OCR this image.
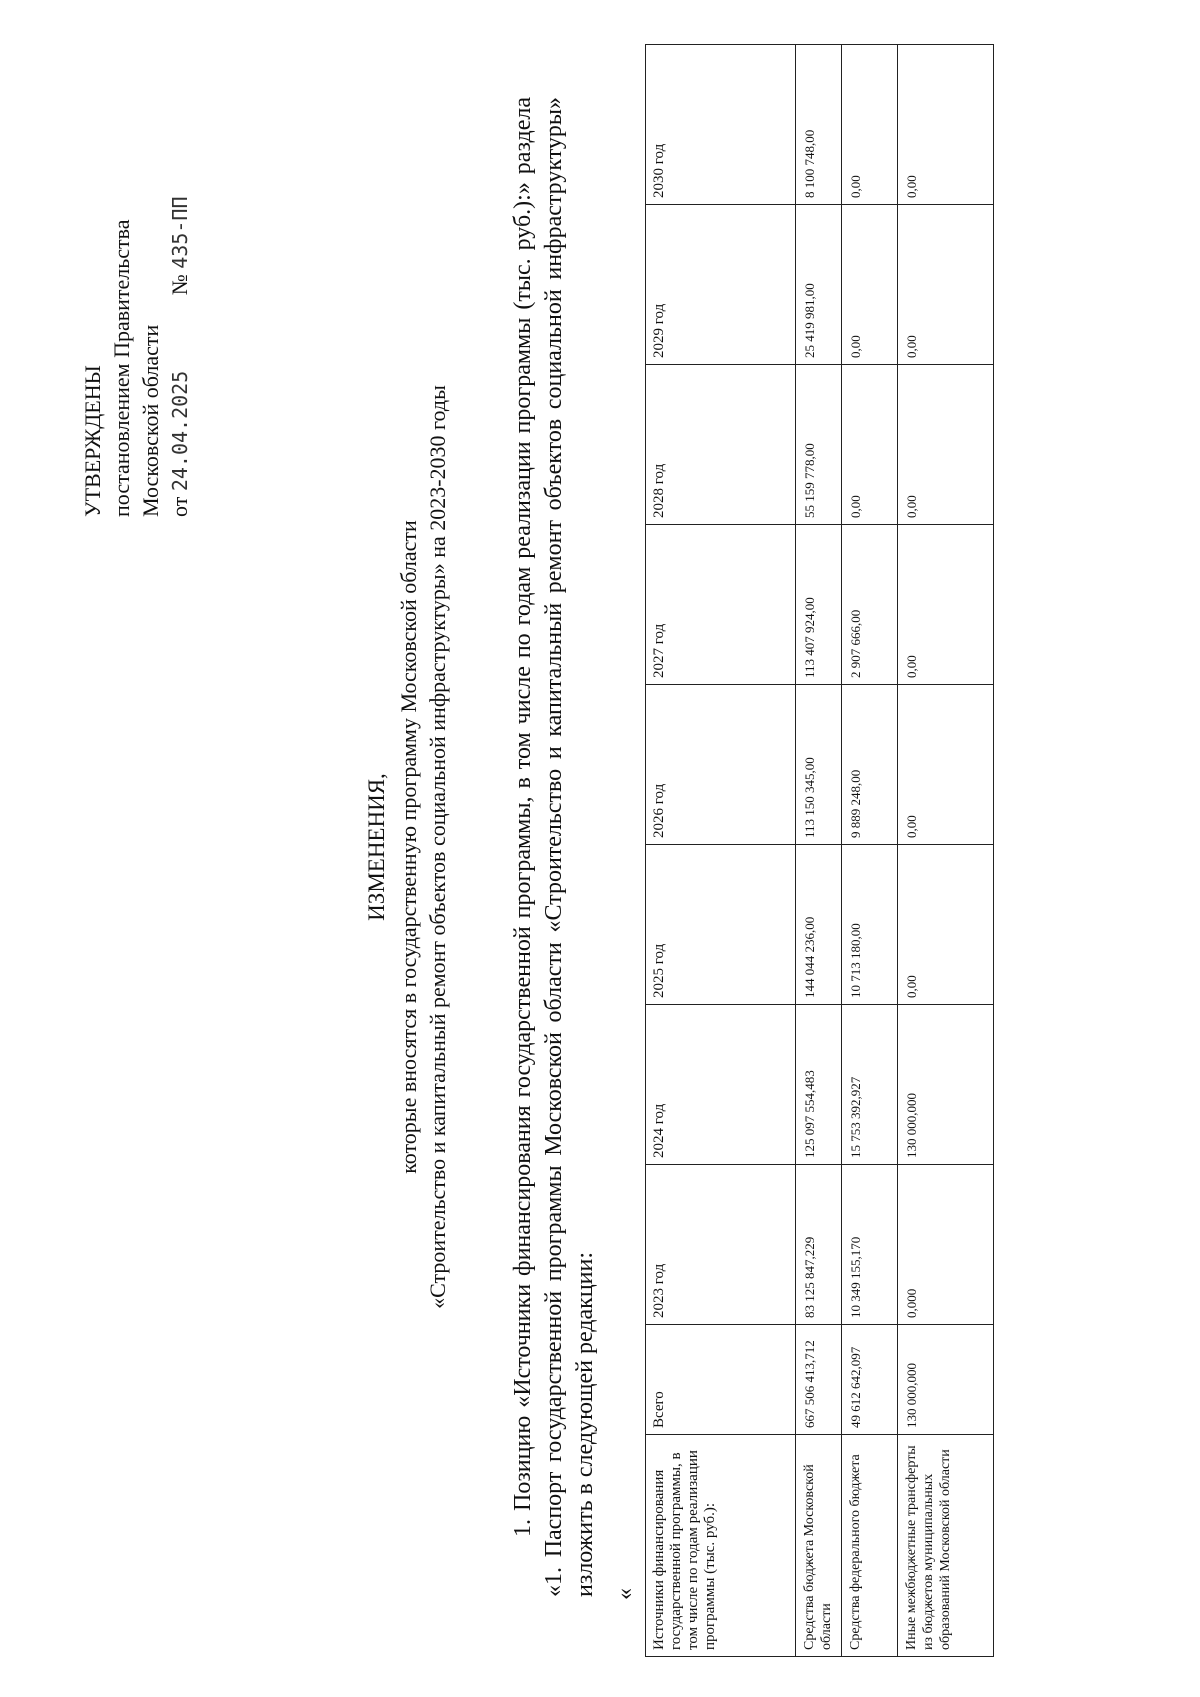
УТВЕРЖДЕНЫ постановлением Правительства Московской области от 24.04.2025 № 435-ПП
ИЗМЕНЕНИЯ, которые вносятся в государственную программу Московской области «Строительство и капитальный ремонт объектов социальной инфраструктуры» на 2023-2030 годы	1. Позицию «Источники финансирования государственной программы, в том числе по годам реализации программы (тыс. руб.):» раздела «1. Паспорт государственной программы Московской области «Строительство и капитальный ремонт объектов социальной инфраструктуры» изложить в следующей редакции: « Источники финансирования государственной программы, в том числе по годам реализации программы (тыс. руб.):	Всего	2023 год	2024 год	2025 год	2026 год	2027 год	2028 год	2029 год	2030 год
Средства бюджета Московской области	667 506 413,712	83 125 847,229	125 097 554,483	144 044 236,00	113 150 345,00	113 407 924,00	55 159 778,00	25 419 981,00	8 100 748,00
Средства федерального бюджета	49 612 642,097	10 349 155,170	15 753 392,927	10 713 180,00	9 889 248,00	2 907 666,00	0,00	0,00	0,00
Иные межбюджетные трансферты из бюджетов муниципальных образований Московской области	130 000,000	0,000	130 000,000	0,00	0,00	0,00	0,00	0,00	0,00
